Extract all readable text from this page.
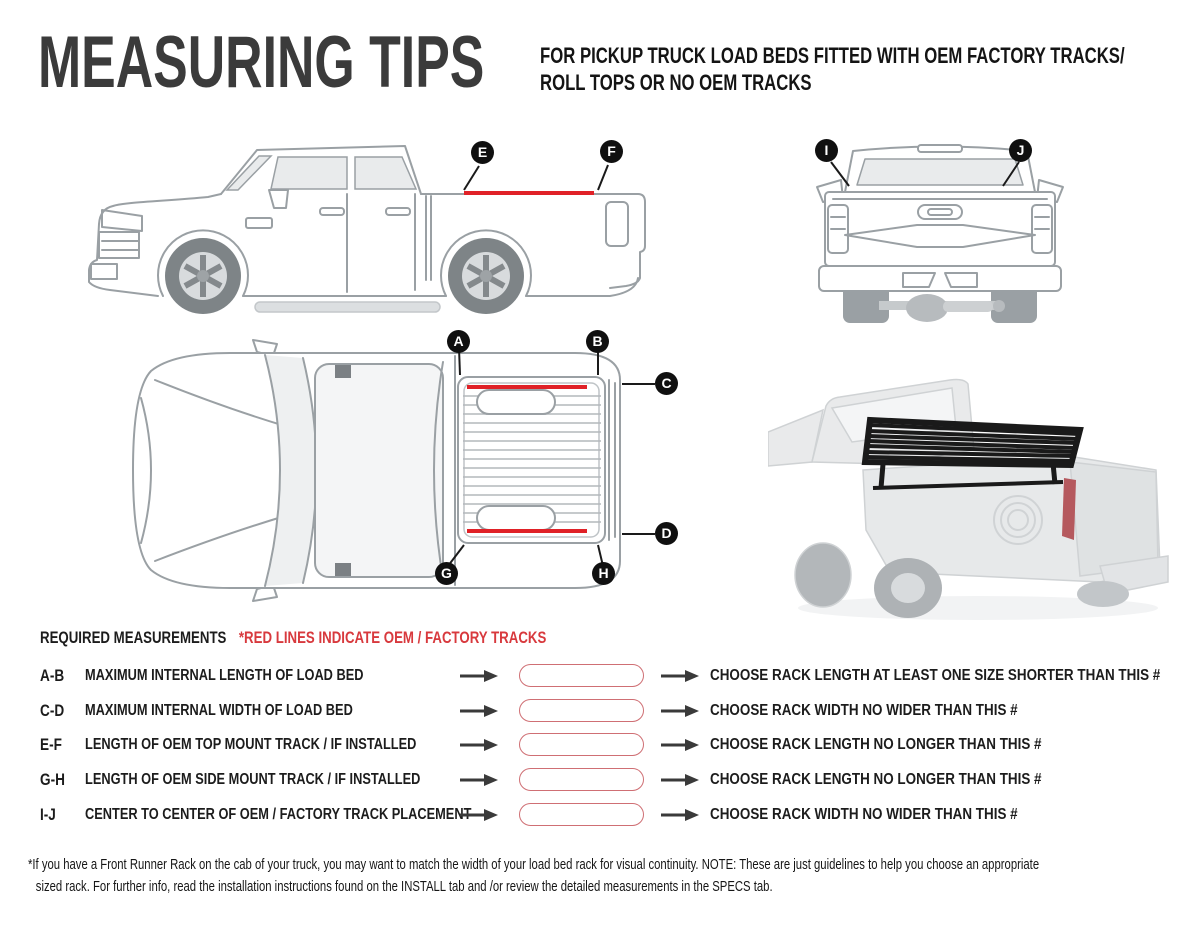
MEASURING TIPS	FOR PICKUP TRUCK LOAD BEDS FITTED WITH OEM FACTORY TRACKS/
ROLL TOPS OR NO OEM TRACKS
E	F	I	J
A	B
C
D
G	H
REQUIRED MEASUREMENTS *RED LINES INDICATE OEM / FACTORY TRACKS
A-B	MAXIMUM INTERNAL LENGTH OF LOAD BED	CHOOSE RACK LENGTH AT LEAST ONE SIZE SHORTER THAN THIS #
C-D	MAXIMUM INTERNAL WIDTH OF LOAD BED	CHOOSE RACK WIDTH NO WIDER THAN THIS #
E-F	LENGTH OF OEM TOP MOUNT TRACK / IF INSTALLED	CHOOSE RACK LENGTH NO LONGER THAN THIS #
G-H	LENGTH OF OEM SIDE MOUNT TRACK / IF INSTALLED	CHOOSE RACK LENGTH NO LONGER THAN THIS #
I-J CENTER TO CENTER OF OEM / FACTORY TRACK PLACEMENT	CHOOSE RACK WIDTH NO WIDER THAN THIS #
*If you have a Front Runner Rack on the cab of your truck, you may want to match the width of your load bed rack for visual continuity. NOTE: These are just guidelines to help you choose an appropriate
sized rack. For further info, read the installation instructions found on the INSTALL tab and /or review the detailed measurements in the SPECS tab.
